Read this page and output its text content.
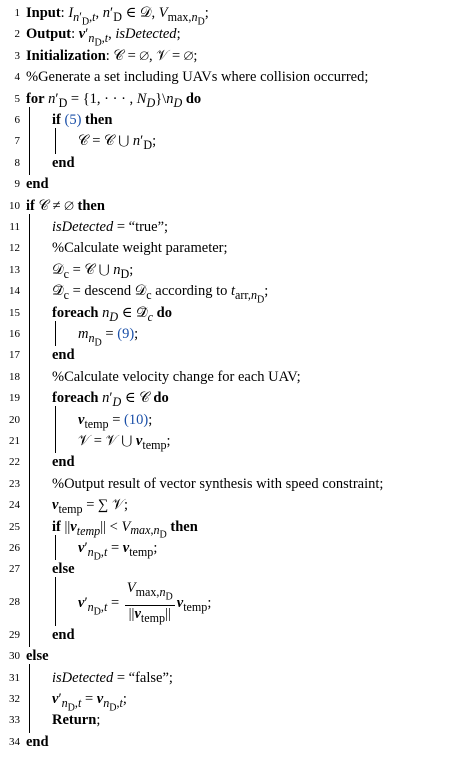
1 Input: $I_{n'_D,t}$, $n'_D$ ∈ 𝒟, $V_{max,n_D}$;
2 Output: $v'_{n_D,t}$, isDetected;
3 Initialization: 𝒞 = ∅, 𝒱 = ∅;
4 %Generate a set including UAVs where collision occurred;
5 for $n'_D = \{1$, · · · , $N_D\}\backslash n_D$ do
6 if (5) then
7	𝒞 = 𝒞 ⋃ $n'_D$;
8 end
9 end
10 if 𝒞 ≠ ∅ then
11 isDetected = “true”;
12 %Calculate weight parameter;
13 𝒟$_c$ = 𝒞 ⋃ $n_D$;
14 $𝒟⃗_c$ = descend 𝒟$_c$ according to $t_{arr,n_D}$;
15 foreach $n_D$ ∈ $𝒟⃗_c$ do
16	$m_{n_D} = (9)$;
17 end
18 %Calculate velocity change for each UAV;
19 foreach $n'_D$ ∈ 𝒞 do
20	$v_{temp} = (10)$;
21	𝒱 = 𝒱 ⋃ $v_{temp}$;
22 end
23 %Output result of vector synthesis with speed constraint;
24 $v_{temp}$ = ∑ 𝒱;
25 if $||v_{temp}|| < V_{max,n_D}$ then
26	$v'_{n_D,t} = v_{temp}$;
27 else
28	$v'_{n_D,t} = \frac{V_{max,n_D}}{||v_{temp}||} v_{temp}$;
29 end
30 else
31 isDetected = “false”;
32 $v'_{n_D,t} = v_{n_D,t}$;
33 Return;
34 end
